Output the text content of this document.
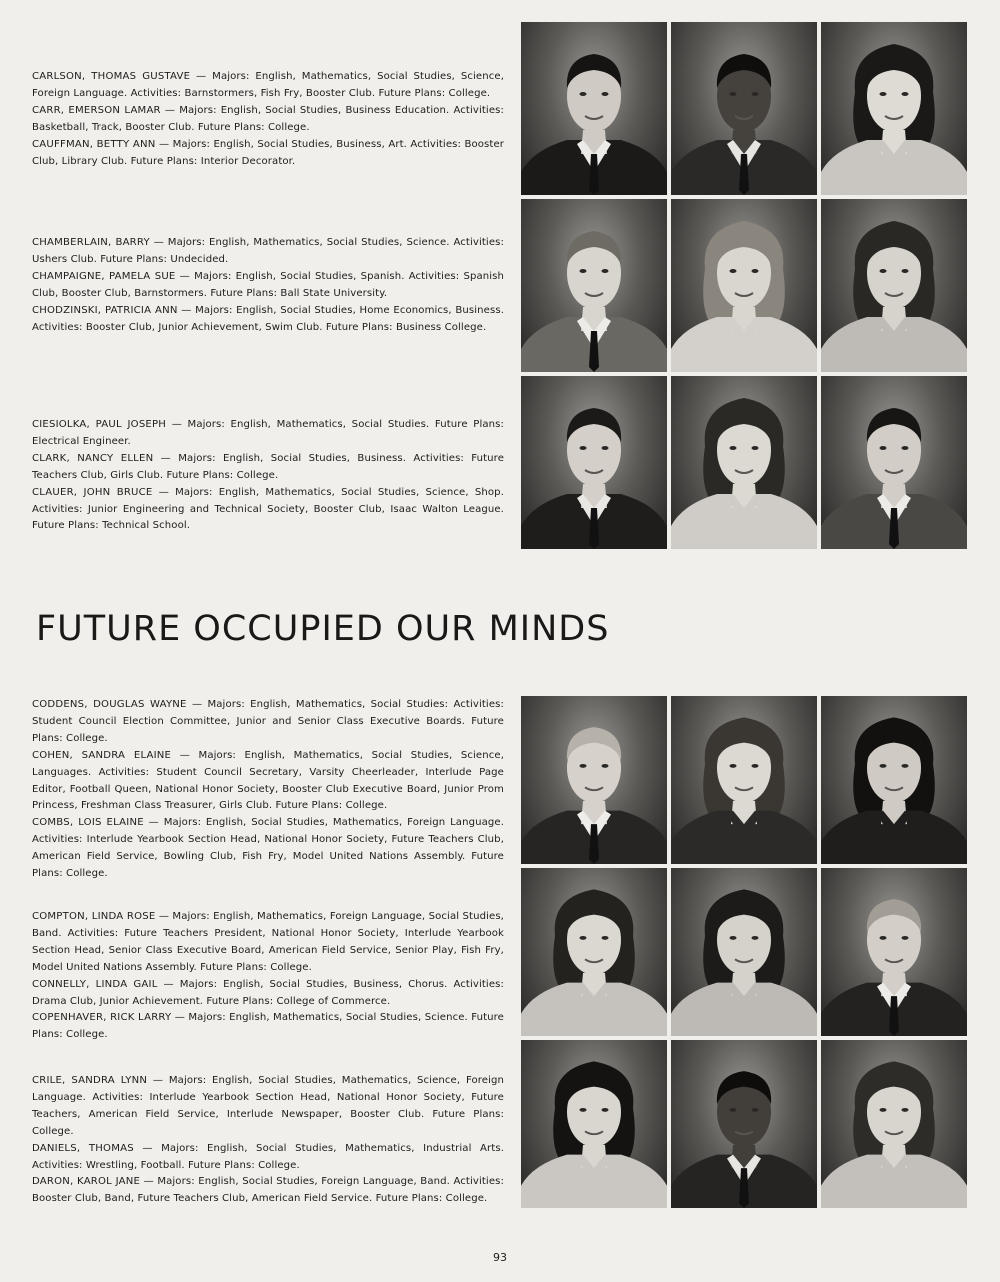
CARLSON, THOMAS GUSTAVE — Majors: English, Mathematics, Social Studies, Science, Foreign Language. Activities: Barnstormers, Fish Fry, Booster Club. Future Plans: College.

CARR, EMERSON LAMAR — Majors: English, Social Studies, Business Education. Activities: Basketball, Track, Booster Club. Future Plans: College.

CAUFFMAN, BETTY ANN — Majors: English, Social Studies, Business, Art. Activities: Booster Club, Library Club. Future Plans: Interior Decorator.

CHAMBERLAIN, BARRY — Majors: English, Mathematics, Social Studies, Science. Activities: Ushers Club. Future Plans: Undecided.

CHAMPAIGNE, PAMELA SUE — Majors: English, Social Studies, Spanish. Activities: Spanish Club, Booster Club, Barnstormers. Future Plans: Ball State University.

CHODZINSKI, PATRICIA ANN — Majors: English, Social Studies, Home Economics, Business. Activities: Booster Club, Junior Achievement, Swim Club. Future Plans: Business College.

CIESIOLKA, PAUL JOSEPH — Majors: English, Mathematics, Social Studies. Future Plans: Electrical Engineer.

CLARK, NANCY ELLEN — Majors: English, Social Studies, Business. Activities: Future Teachers Club, Girls Club. Future Plans: College.

CLAUER, JOHN BRUCE — Majors: English, Mathematics, Social Studies, Science, Shop. Activities: Junior Engineering and Technical Society, Booster Club, Isaac Walton League. Future Plans: Technical School.

FUTURE OCCUPIED OUR MINDS

CODDENS, DOUGLAS WAYNE — Majors: English, Mathematics, Social Studies: Activities: Student Council Election Committee, Junior and Senior Class Executive Boards. Future Plans: College.

COHEN, SANDRA ELAINE — Majors: English, Mathematics, Social Studies, Science, Languages. Activities: Student Council Secretary, Varsity Cheerleader, Interlude Page Editor, Football Queen, National Honor Society, Booster Club Executive Board, Junior Prom Princess, Freshman Class Treasurer, Girls Club. Future Plans: College.

COMBS, LOIS ELAINE — Majors: English, Social Studies, Mathematics, Foreign Language. Activities: Interlude Yearbook Section Head, National Honor Society, Future Teachers Club, American Field Service, Bowling Club, Fish Fry, Model United Nations Assembly. Future Plans: College.

COMPTON, LINDA ROSE — Majors: English, Mathematics, Foreign Language, Social Studies, Band. Activities: Future Teachers President, National Honor Society, Interlude Yearbook Section Head, Senior Class Executive Board, American Field Service, Senior Play, Fish Fry, Model United Nations Assembly. Future Plans: College.

CONNELLY, LINDA GAIL — Majors: English, Social Studies, Business, Chorus. Activities: Drama Club, Junior Achievement. Future Plans: College of Commerce.

COPENHAVER, RICK LARRY — Majors: English, Mathematics, Social Studies, Science. Future Plans: College.

CRILE, SANDRA LYNN — Majors: English, Social Studies, Mathematics, Science, Foreign Language. Activities: Interlude Yearbook Section Head, National Honor Society, Future Teachers, American Field Service, Interlude Newspaper, Booster Club. Future Plans: College.

DANIELS, THOMAS — Majors: English, Social Studies, Mathematics, Industrial Arts. Activities: Wrestling, Football. Future Plans: College.

DARON, KAROL JANE — Majors: English, Social Studies, Foreign Language, Band. Activities: Booster Club, Band, Future Teachers Club, American Field Service. Future Plans: College.

93
